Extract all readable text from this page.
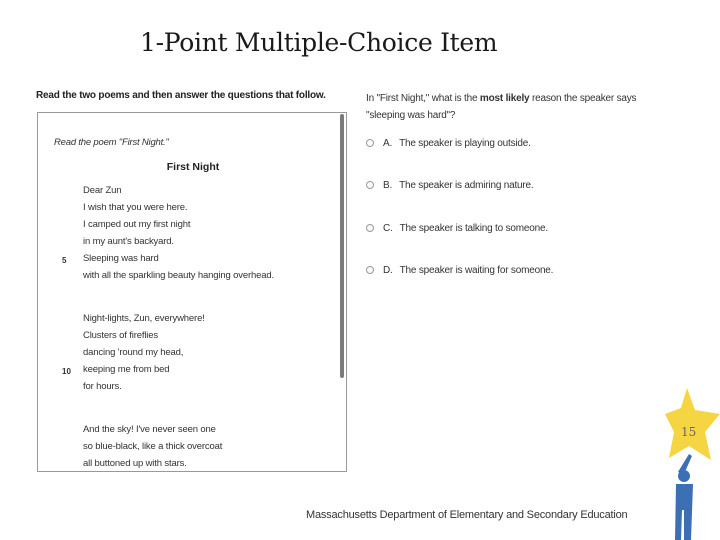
1-Point Multiple-Choice Item
Read the two poems and then answer the questions that follow.
Read the poem "First Night."
First Night
Dear Zun
I wish that you were here.
I camped out my first night
in my aunt's backyard.
5 Sleeping was hard
with all the sparkling beauty hanging overhead.
Night-lights, Zun, everywhere!
Clusters of fireflies
dancing 'round my head,
10 keeping me from bed
for hours.
And the sky! I've never seen one
so blue-black, like a thick overcoat
all buttoned up with stars.
In "First Night," what is the most likely reason the speaker says "sleeping was hard"?
A. The speaker is playing outside.
B. The speaker is admiring nature.
C. The speaker is talking to someone.
D. The speaker is waiting for someone.
15
Massachusetts Department of Elementary and Secondary Education
